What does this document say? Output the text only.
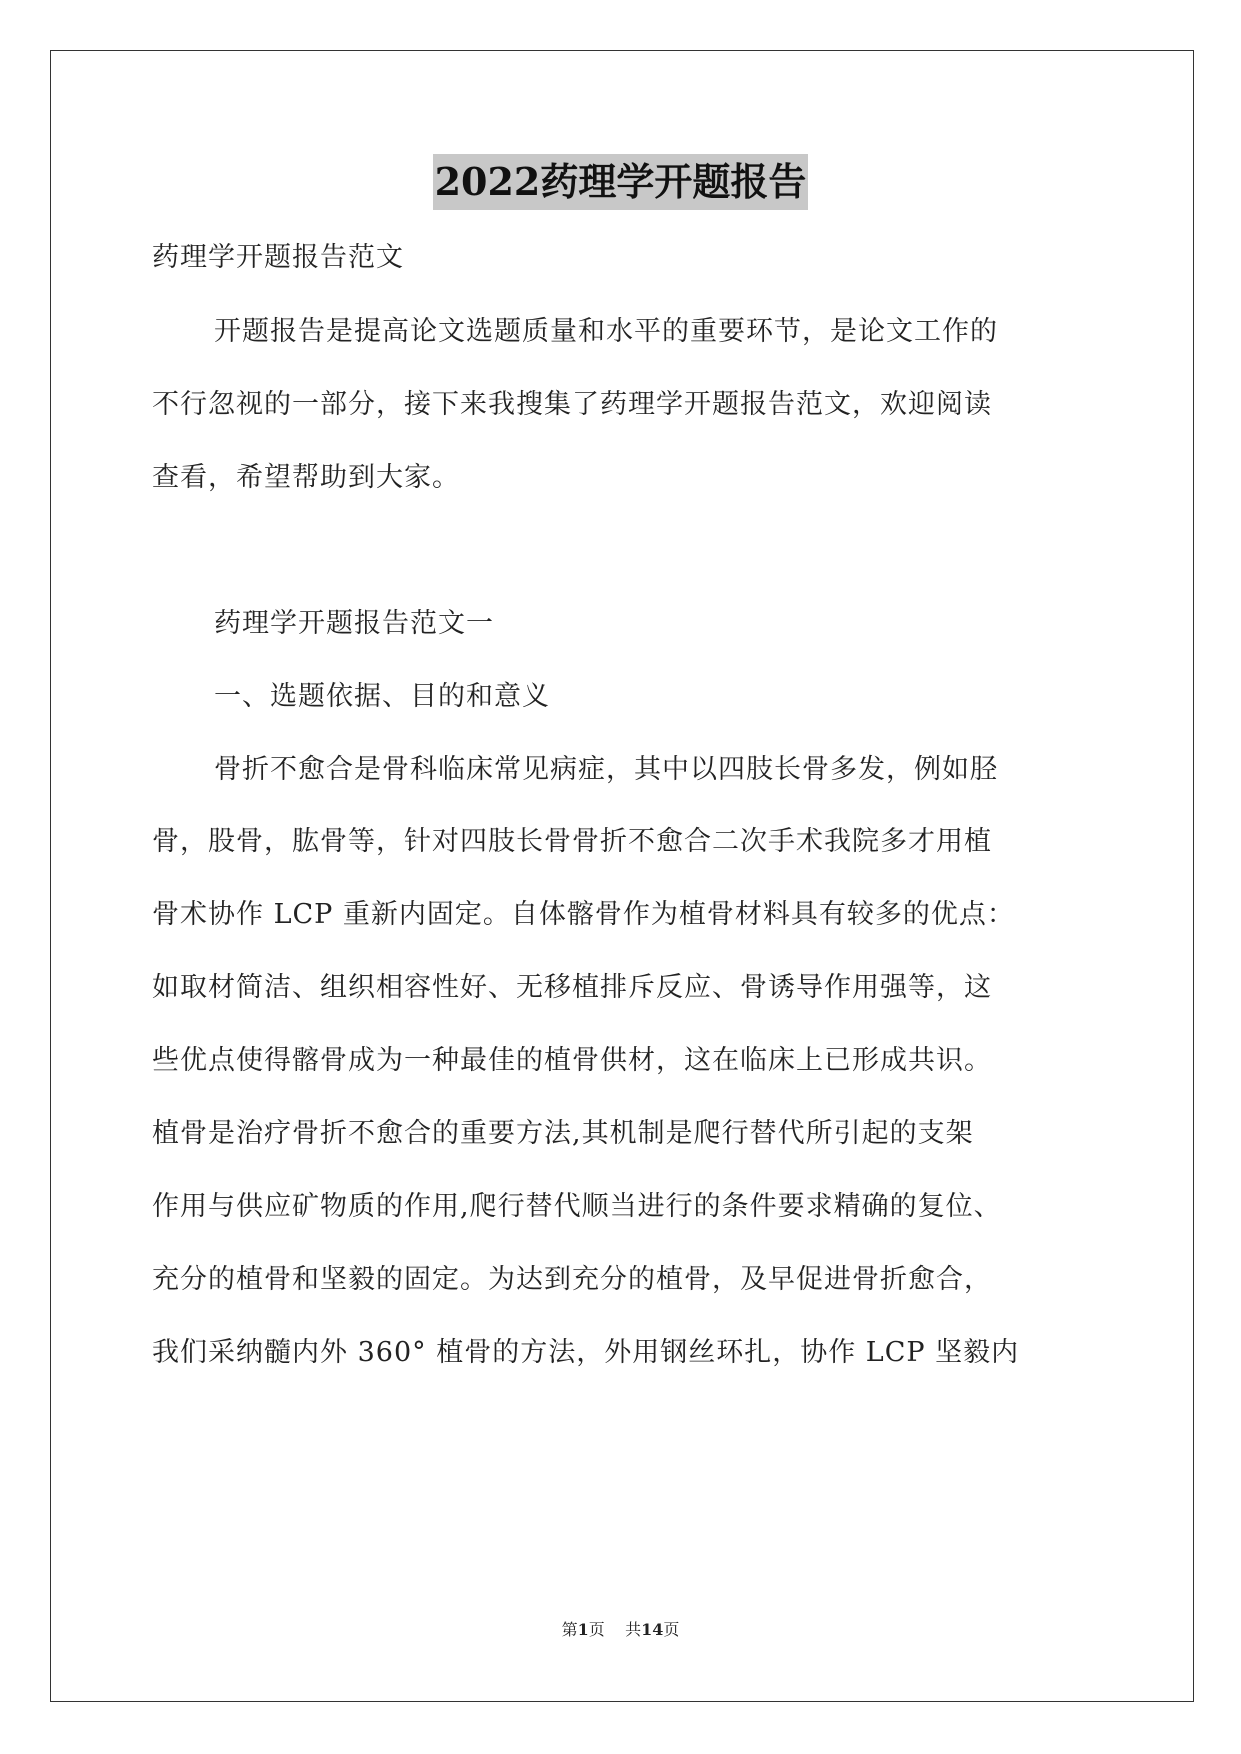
2022药理学开题报告
药理学开题报告范文
开题报告是提高论文选题质量和水平的重要环节，是论文工作的
不行忽视的一部分，接下来我搜集了药理学开题报告范文，欢迎阅读
查看，希望帮助到大家。
药理学开题报告范文一
一、选题依据、目的和意义
骨折不愈合是骨科临床常见病症，其中以四肢长骨多发，例如胫
骨，股骨，肱骨等，针对四肢长骨骨折不愈合二次手术我院多才用植
骨术协作 LCP 重新内固定。自体髂骨作为植骨材料具有较多的优点：
如取材简洁、组织相容性好、无移植排斥反应、骨诱导作用强等，这
些优点使得髂骨成为一种最佳的植骨供材，这在临床上已形成共识。
植骨是治疗骨折不愈合的重要方法,其机制是爬行替代所引起的支架
作用与供应矿物质的作用,爬行替代顺当进行的条件要求精确的复位、
充分的植骨和坚毅的固定。为达到充分的植骨，及早促进骨折愈合，
我们采纳髓内外 360° 植骨的方法，外用钢丝环扎，协作 LCP 坚毅内
第1页 共14页
